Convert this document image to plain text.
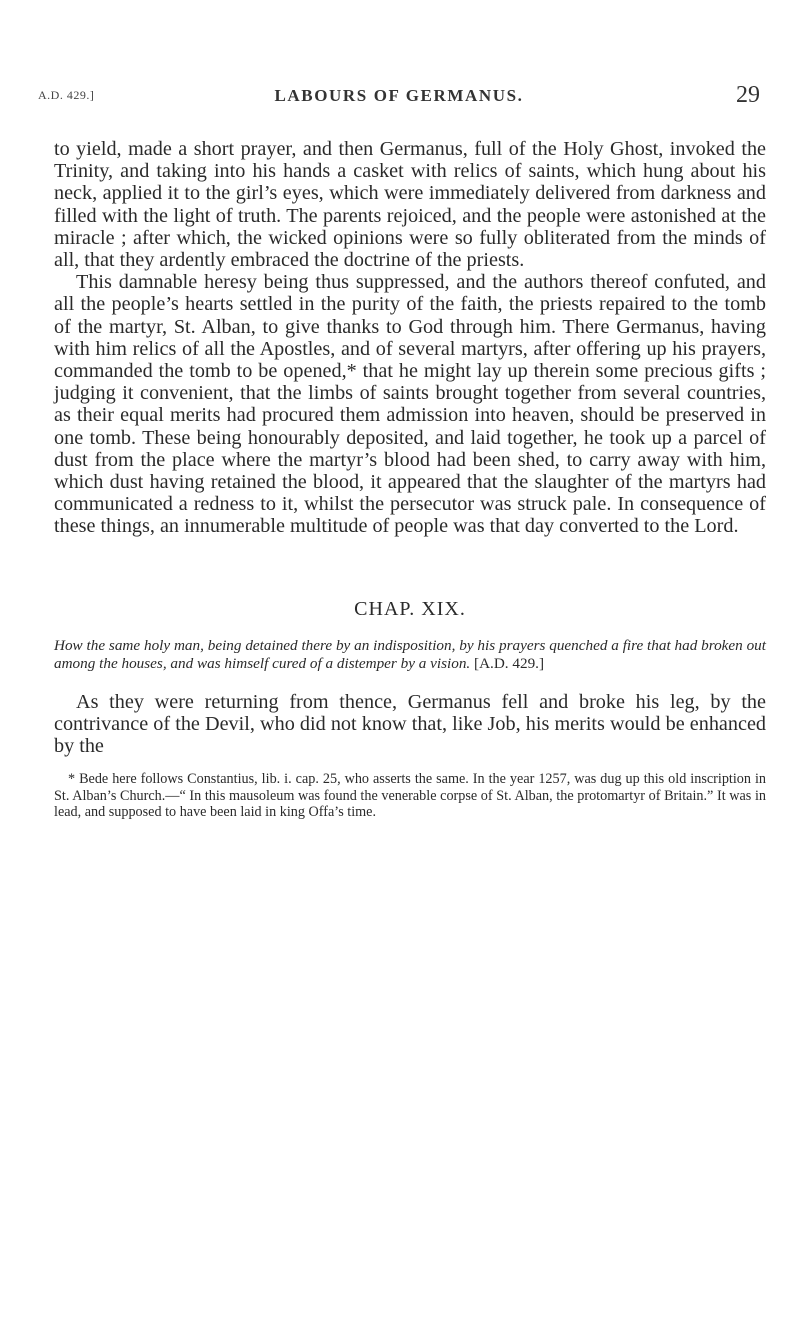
A.D. 429.]	LABOURS OF GERMANUS.	29

to yield, made a short prayer, and then Germanus, full of the Holy Ghost, invoked the Trinity, and taking into his hands a casket with relics of saints, which hung about his neck, applied it to the girl’s eyes, which were immediately delivered from darkness and filled with the light of truth. The parents rejoiced, and the people were astonished at the miracle ; after which, the wicked opinions were so fully obliterated from the minds of all, that they ardently embraced the doctrine of the priests.

This damnable heresy being thus suppressed, and the authors thereof confuted, and all the people’s hearts settled in the purity of the faith, the priests repaired to the tomb of the martyr, St. Alban, to give thanks to God through him. There Germanus, having with him relics of all the Apostles, and of several martyrs, after offering up his prayers, commanded the tomb to be opened,* that he might lay up therein some precious gifts ; judging it convenient, that the limbs of saints brought together from several countries, as their equal merits had procured them admission into heaven, should be preserved in one tomb. These being honourably deposited, and laid together, he took up a parcel of dust from the place where the martyr’s blood had been shed, to carry away with him, which dust having retained the blood, it appeared that the slaughter of the martyrs had communicated a redness to it, whilst the persecutor was struck pale. In consequence of these things, an innumerable multitude of people was that day converted to the Lord.

CHAP. XIX.

How the same holy man, being detained there by an indisposition, by his prayers quenched a fire that had broken out among the houses, and was himself cured of a distemper by a vision. [A.D. 429.]

As they were returning from thence, Germanus fell and broke his leg, by the contrivance of the Devil, who did not know that, like Job, his merits would be enhanced by the

* Bede here follows Constantius, lib. i. cap. 25, who asserts the same. In the year 1257, was dug up this old inscription in St. Alban’s Church.—“ In this mausoleum was found the venerable corpse of St. Alban, the protomartyr of Britain.” It was in lead, and supposed to have been laid in king Offa’s time.
